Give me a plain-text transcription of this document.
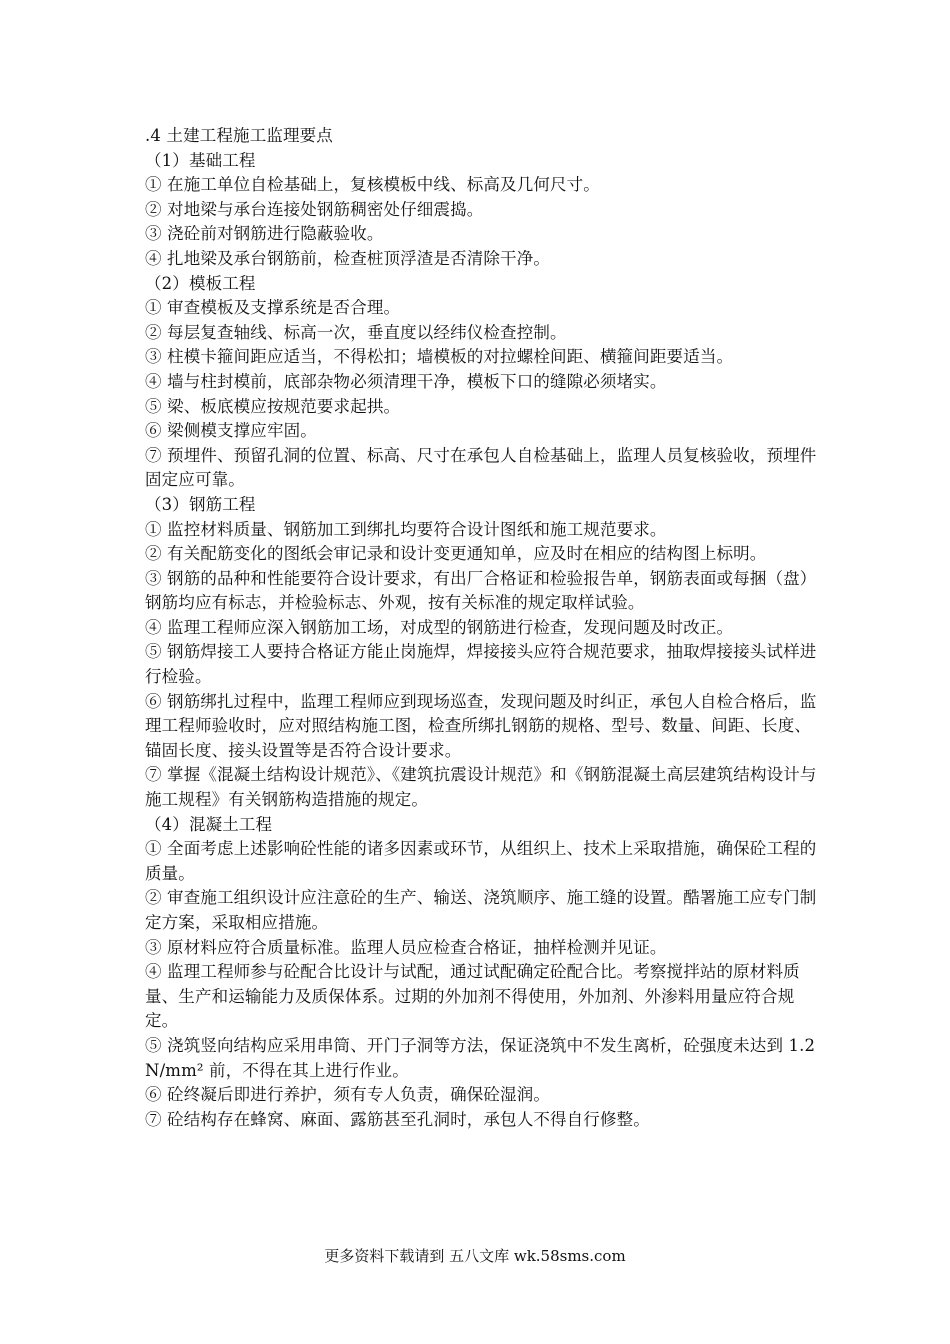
.4 土建工程施工监理要点
（1）基础工程
① 在施工单位自检基础上，复核模板中线、标高及几何尺寸。
② 对地梁与承台连接处钢筋稠密处仔细震捣。
③ 浇砼前对钢筋进行隐蔽验收。
④ 扎地梁及承台钢筋前，检查桩顶浮渣是否清除干净。
（2）模板工程
① 审查模板及支撑系统是否合理。
② 每层复查轴线、标高一次，垂直度以经纬仪检查控制。
③ 柱模卡箍间距应适当，不得松扣；墙模板的对拉螺栓间距、横箍间距要适当。
④ 墙与柱封模前，底部杂物必须清理干净，模板下口的缝隙必须堵实。
⑤ 梁、板底模应按规范要求起拱。
⑥ 梁侧模支撑应牢固。
⑦ 预埋件、预留孔洞的位置、标高、尺寸在承包人自检基础上，监理人员复核验收，预埋件固定应可靠。
（3）钢筋工程
① 监控材料质量、钢筋加工到绑扎均要符合设计图纸和施工规范要求。
② 有关配筋变化的图纸会审记录和设计变更通知单，应及时在相应的结构图上标明。
③ 钢筋的品种和性能要符合设计要求，有出厂合格证和检验报告单，钢筋表面或每捆（盘）钢筋均应有标志，并检验标志、外观，按有关标准的规定取样试验。
④ 监理工程师应深入钢筋加工场，对成型的钢筋进行检查，发现问题及时改正。
⑤ 钢筋焊接工人要持合格证方能止岗施焊，焊接接头应符合规范要求，抽取焊接接头试样进行检验。
⑥ 钢筋绑扎过程中，监理工程师应到现场巡查，发现问题及时纠正，承包人自检合格后，监理工程师验收时，应对照结构施工图，检查所绑扎钢筋的规格、型号、数量、间距、长度、锚固长度、接头设置等是否符合设计要求。
⑦ 掌握《混凝土结构设计规范》、《建筑抗震设计规范》和《钢筋混凝土高层建筑结构设计与施工规程》有关钢筋构造措施的规定。
（4）混凝土工程
① 全面考虑上述影响砼性能的诸多因素或环节，从组织上、技术上采取措施，确保砼工程的质量。
② 审查施工组织设计应注意砼的生产、输送、浇筑顺序、施工缝的设置。酷署施工应专门制定方案，采取相应措施。
③ 原材料应符合质量标准。监理人员应检查合格证，抽样检测并见证。
④ 监理工程师参与砼配合比设计与试配，通过试配确定砼配合比。考察搅拌站的原材料质量、生产和运输能力及质保体系。过期的外加剂不得使用，外加剂、外渗料用量应符合规定。
⑤ 浇筑竖向结构应采用串筒、开门子洞等方法，保证浇筑中不发生离析，砼强度未达到 1.2N/mm² 前，不得在其上进行作业。
⑥ 砼终凝后即进行养护，须有专人负责，确保砼湿润。
⑦ 砼结构存在蜂窝、麻面、露筋甚至孔洞时，承包人不得自行修整。
更多资料下载请到 五八文库 wk.58sms.com
